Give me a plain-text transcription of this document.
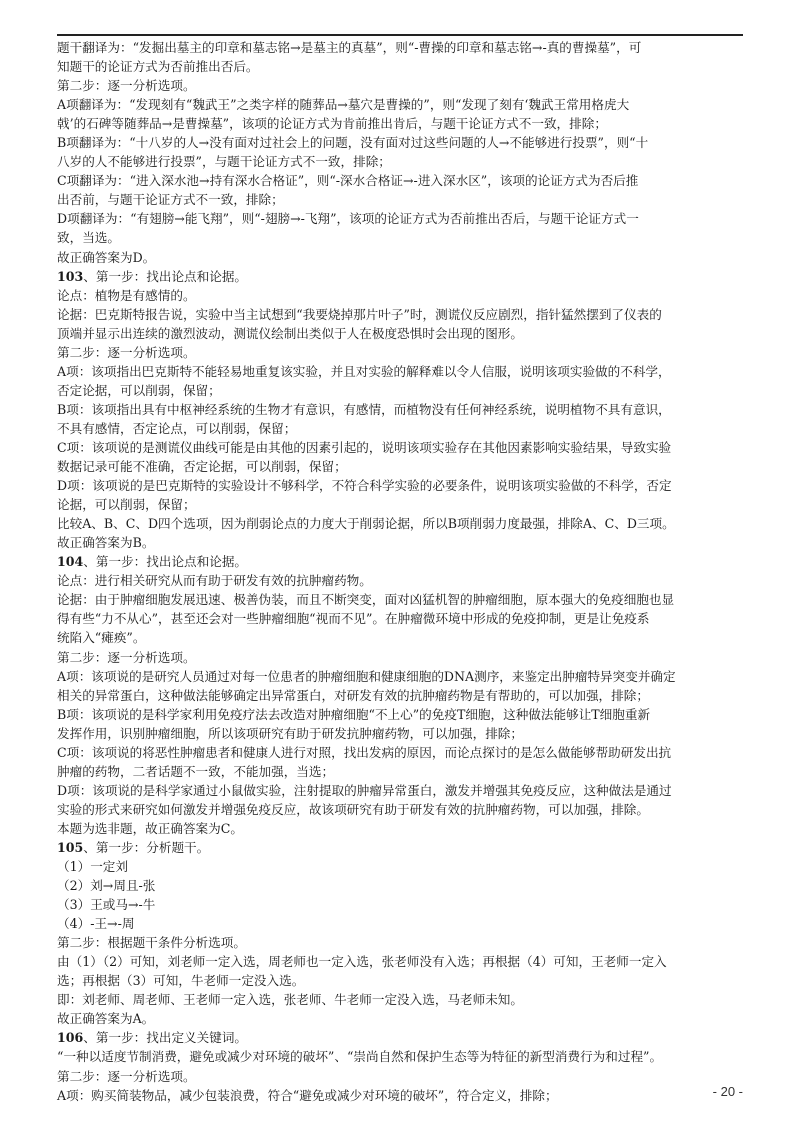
题干翻译为：“发掘出墓主的印章和墓志铭→是墓主的真墓”，则“-曹操的印章和墓志铭→-真的曹操墓”，可

知题干的论证方式为否前推出否后。

第二步：逐一分析选项。

A项翻译为：“发现刻有“魏武王”之类字样的随葬品→墓穴是曹操的”，则“发现了刻有‘魏武王常用格虎大

戟’的石碑等随葬品→是曹操墓”，该项的论证方式为肯前推出肯后，与题干论证方式不一致，排除；

B项翻译为：“十八岁的人→没有面对过社会上的问题，没有面对过这些问题的人→不能够进行投票”，则“十

八岁的人不能够进行投票”，与题干论证方式不一致，排除；

C项翻译为：“进入深水池→持有深水合格证”，则“-深水合格证→-进入深水区”，该项的论证方式为否后推

出否前，与题干论证方式不一致，排除；

D项翻译为：“有翅膀→能飞翔”，则“-翅膀→-飞翔”，该项的论证方式为否前推出否后，与题干论证方式一

致，当选。

故正确答案为D。

103、第一步：找出论点和论据。

论点：植物是有感情的。

论据：巴克斯特报告说，实验中当主试想到“我要烧掉那片叶子”时，测谎仪反应剧烈，指针猛然摆到了仪表的

顶端并显示出连续的激烈波动，测谎仪绘制出类似于人在极度恐惧时会出现的图形。

第二步：逐一分析选项。

A项：该项指出巴克斯特不能轻易地重复该实验，并且对实验的解释难以令人信服，说明该项实验做的不科学，

否定论据，可以削弱，保留；

B项：该项指出具有中枢神经系统的生物才有意识，有感情，而植物没有任何神经系统，说明植物不具有意识，

不具有感情，否定论点，可以削弱，保留；

C项：该项说的是测谎仪曲线可能是由其他的因素引起的，说明该项实验存在其他因素影响实验结果，导致实验

数据记录可能不准确，否定论据，可以削弱，保留；

D项：该项说的是巴克斯特的实验设计不够科学，不符合科学实验的必要条件，说明该项实验做的不科学，否定

论据，可以削弱，保留；

比较A、B、C、D四个选项，因为削弱论点的力度大于削弱论据，所以B项削弱力度最强，排除A、C、D三项。

故正确答案为B。

104、第一步：找出论点和论据。

论点：进行相关研究从而有助于研发有效的抗肿瘤药物。

论据：由于肿瘤细胞发展迅速、极善伪装，而且不断突变，面对凶猛机智的肿瘤细胞，原本强大的免疫细胞也显

得有些“力不从心”，甚至还会对一些肿瘤细胞“视而不见”。在肿瘤微环境中形成的免疫抑制，更是让免疫系

统陷入“瘫痪”。

第二步：逐一分析选项。

A项：该项说的是研究人员通过对每一位患者的肿瘤细胞和健康细胞的DNA测序，来鉴定出肿瘤特异突变并确定

相关的异常蛋白，这种做法能够确定出异常蛋白，对研发有效的抗肿瘤药物是有帮助的，可以加强，排除；

B项：该项说的是科学家利用免疫疗法去改造对肿瘤细胞“不上心”的免疫T细胞，这种做法能够让T细胞重新

发挥作用，识别肿瘤细胞，所以该项研究有助于研发抗肿瘤药物，可以加强，排除；

C项：该项说的将恶性肿瘤患者和健康人进行对照，找出发病的原因，而论点探讨的是怎么做能够帮助研发出抗

肿瘤的药物，二者话题不一致，不能加强，当选；

D项：该项说的是科学家通过小鼠做实验，注射提取的肿瘤异常蛋白，激发并增强其免疫反应，这种做法是通过

实验的形式来研究如何激发并增强免疫反应，故该项研究有助于研发有效的抗肿瘤药物，可以加强，排除。

本题为选非题，故正确答案为C。

105、第一步：分析题干。

（1）一定刘

（2）刘→周且-张

（3）王或马→-牛

（4）-王→-周

第二步：根据题干条件分析选项。

由（1）（2）可知，刘老师一定入选，周老师也一定入选，张老师没有入选；再根据（4）可知，王老师一定入

选；再根据（3）可知，牛老师一定没入选。

即：刘老师、周老师、王老师一定入选，张老师、牛老师一定没入选，马老师未知。

故正确答案为A。

106、第一步：找出定义关键词。

“一种以适度节制消费，避免或减少对环境的破坏”、“崇尚自然和保护生态等为特征的新型消费行为和过程”。

第二步：逐一分析选项。

A项：购买简装物品，减少包装浪费，符合“避免或减少对环境的破坏”，符合定义，排除；	- 20 -
